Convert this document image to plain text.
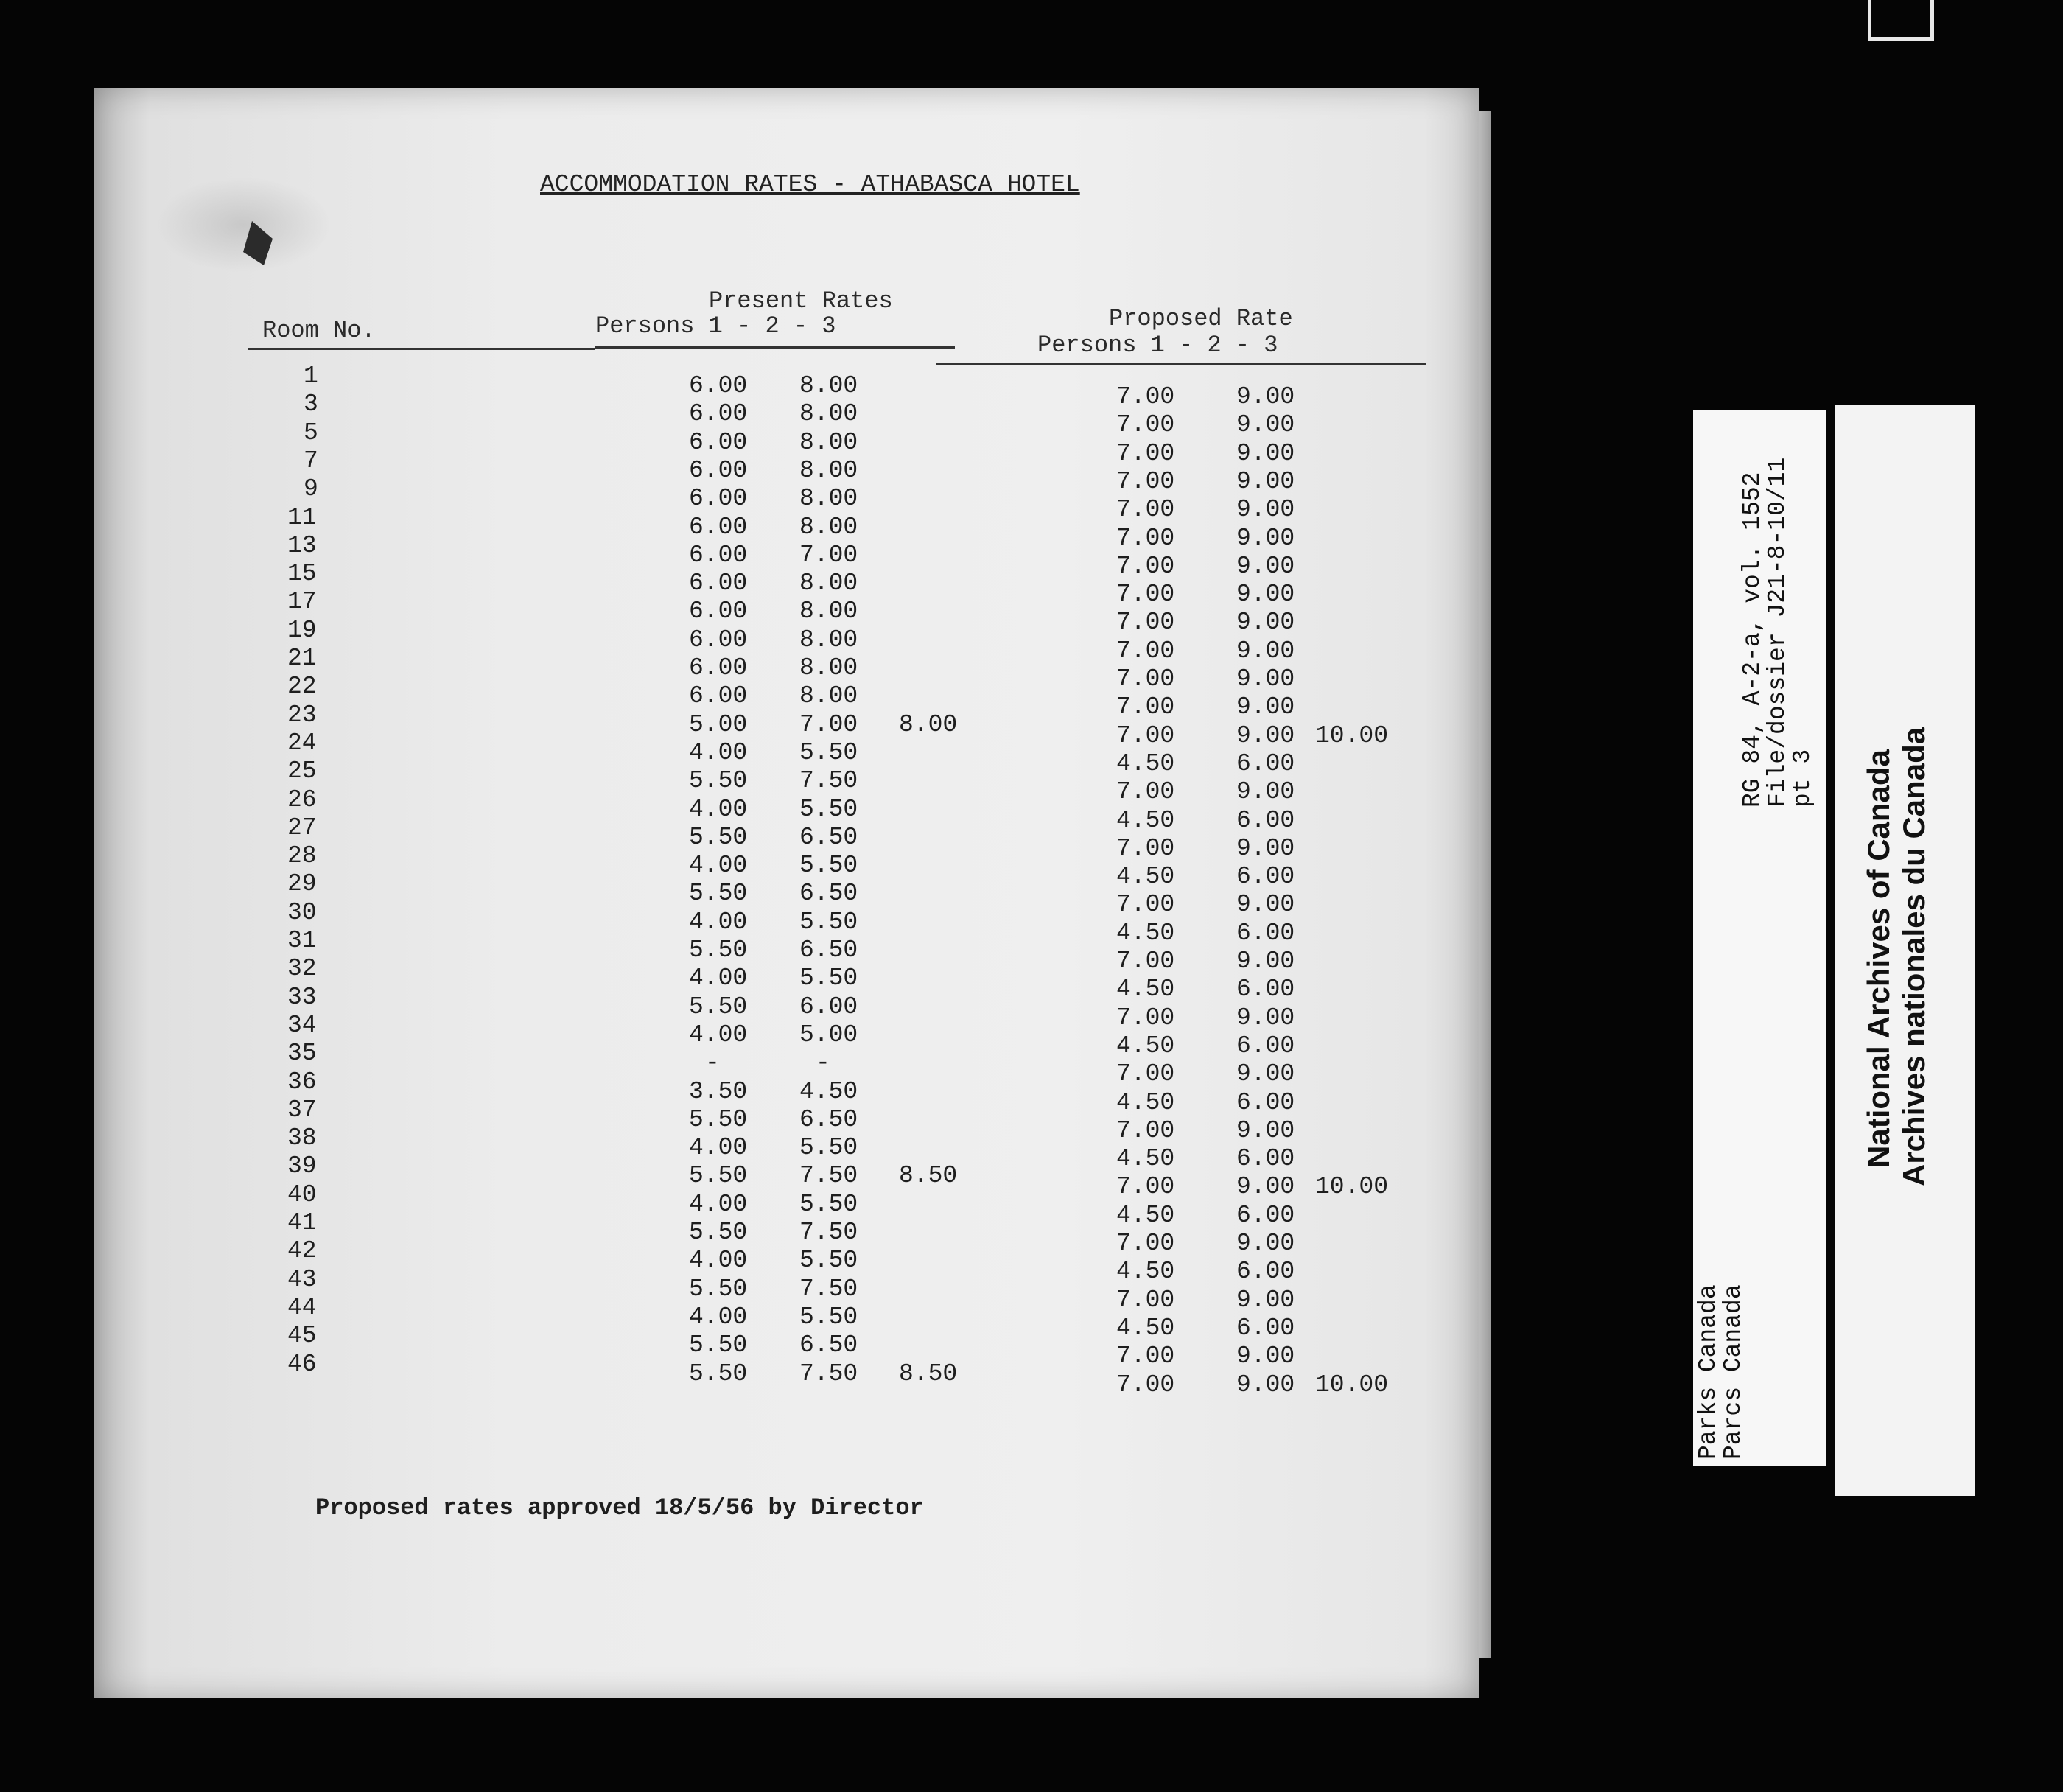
ACCOMMODATION RATES - ATHABASCA HOTEL
Room No.
Present Rates
Persons 1 - 2 - 3	Proposed Rate
Persons 1 - 2 - 3
1	6.00 8.00	7.00	9.00
3	6.00 8.00	7.00	9.00
5	6.00 8.00	7.00	9.00
7	6.00 8.00	7.00	9.00
9	6.00 8.00	7.00	9.00
11	6.00 8.00	7.00	9.00
13	6.00 7.00	7.00	9.00
15	6.00 8.00	7.00	9.00
17	6.00 8.00	7.00	9.00
19	6.00 8.00	7.00	9.00
21	6.00 8.00	7.00	9.00
22	6.00 8.00	7.00	9.00
23	5.00 7.00 8.00	7.00	9.00 10.00
24	4.00 5.50	4.50	6.00
25	5.50 7.50	7.00	9.00
26	4.00 5.50	4.50	6.00
27	5.50 6.50	7.00	9.00
28	4.00 5.50	4.50	6.00
29	5.50 6.50	7.00	9.00
30	4.00 5.50	4.50	6.00
31	5.50 6.50	7.00	9.00
32	4.00 5.50	4.50	6.00
33	5.50 6.00	7.00	9.00
34	4.00 5.00	4.50	6.00
35	-	-	7.00	9.00
36	3.50 4.50	4.50	6.00
37	5.50 6.50	7.00	9.00
38	4.00 5.50	4.50	6.00
39	5.50 7.50 8.50	7.00	9.00 10.00
40	4.00 5.50	4.50	6.00
41	5.50 7.50	7.00	9.00
42	4.00 5.50	4.50	6.00
43	5.50 7.50	7.00	9.00
44	4.00 5.50	4.50	6.00
45	5.50 6.50	7.00	9.00
46	5.50 7.50 8.50	7.00	9.00 10.00
Proposed rates approved 18/5/56 by Director
Parks Canada
Parcs Canada
RG 84, A-2-a, vol. 1552
File/dossier J21-8-10/11
pt 3 National Archives of Canada Archives nationales du Canada
